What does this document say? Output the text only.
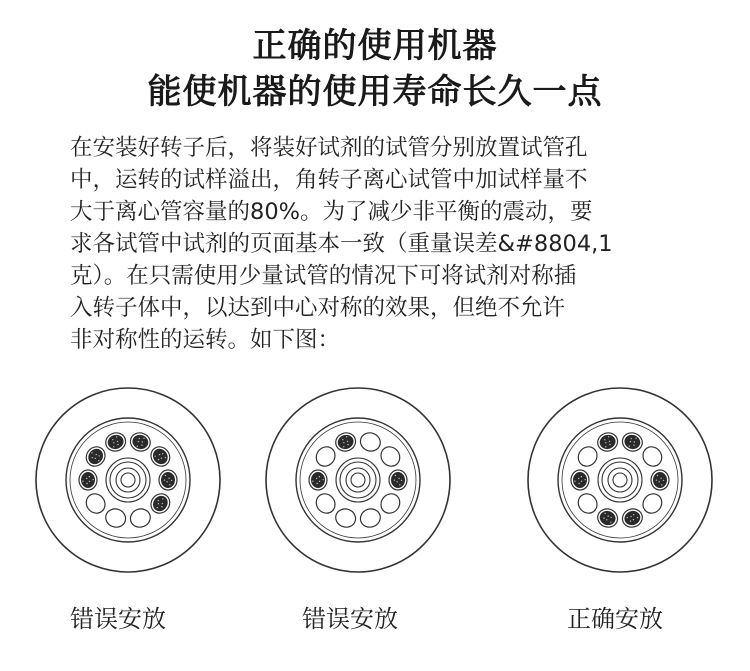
正确的使用机器
能使机器的使用寿命长久一点
在安装好转子后，将装好试剂的试管分别放置试管孔
中，运转的试样溢出，角转子离心试管中加试样量不
大于离心管容量的80%。为了减少非平衡的震动，要
求各试管中试剂的页面基本一致（重量误差&#8804,1
克）。在只需使用少量试管的情况下可将试剂对称插
入转子体中，以达到中心对称的效果，但绝不允许
非对称性的运转。如下图：
错误安放	错误安放	正确安放
